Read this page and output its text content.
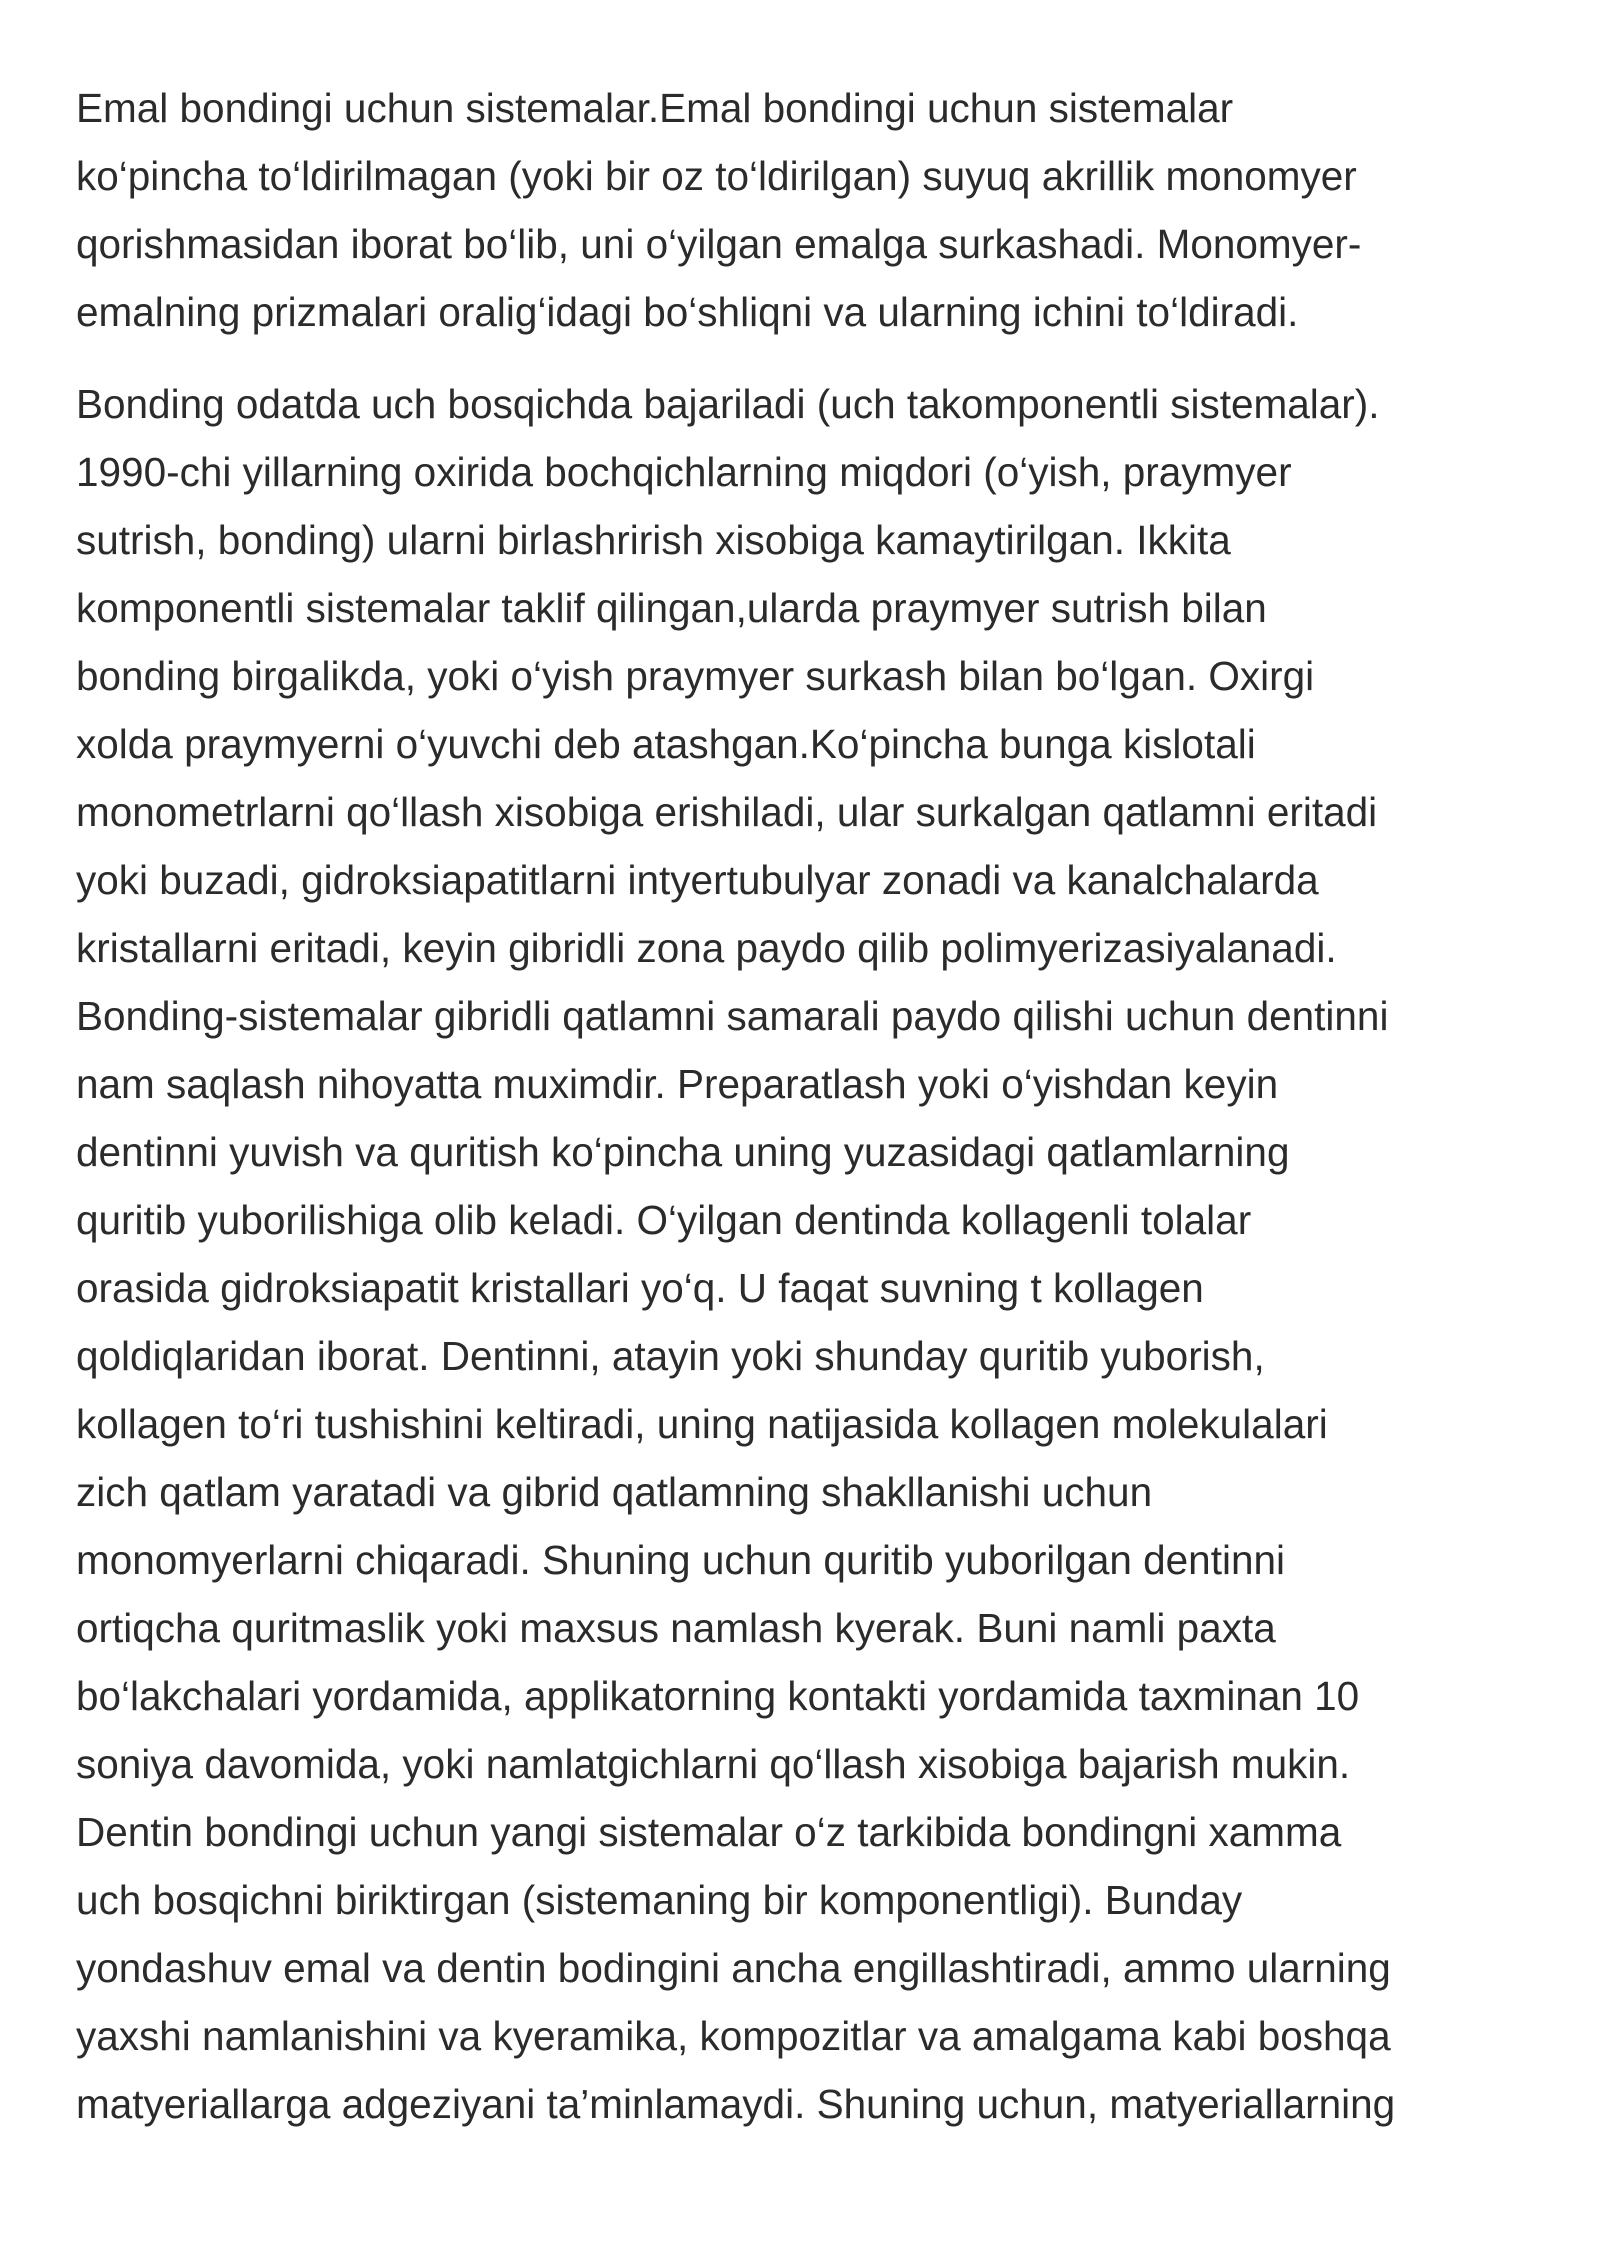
Emal bondingi uchun sistemalar.Emal bondingi uchun sistemalar
ko‘pincha to‘ldirilmagan (yoki bir oz to‘ldirilgan) suyuq akrillik monomyer
qorishmasidan iborat bo‘lib, uni o‘yilgan emalga surkashadi. Monomyer-
emalning prizmalari oralig‘idagi bo‘shliqni va ularning ichini to‘ldiradi.
Bonding odatda uch bosqichda bajariladi (uch takomponentli sistemalar).
1990-chi yillarning oxirida bochqichlarning miqdori (o‘yish, praymyer
sutrish, bonding) ularni birlashrirish xisobiga kamaytirilgan. Ikkita
komponentli sistemalar taklif qilingan,ularda praymyer sutrish bilan
bonding birgalikda, yoki o‘yish praymyer surkash bilan bo‘lgan. Oxirgi
xolda praymyerni o‘yuvchi deb atashgan.Ko‘pincha bunga kislotali
monometrlarni qo‘llash xisobiga erishiladi, ular surkalgan qatlamni eritadi
yoki buzadi, gidroksiapatitlarni intyertubulyar zonadi va kanalchalarda
kristallarni eritadi, keyin gibridli zona paydo qilib polimyerizasiyalanadi.
Bonding-sistemalar gibridli qatlamni samarali paydo qilishi uchun dentinni
nam saqlash nihoyatta muximdir. Preparatlash yoki o‘yishdan keyin
dentinni yuvish va quritish ko‘pincha uning yuzasidagi qatlamlarning
quritib yuborilishiga olib keladi. O‘yilgan dentinda kollagenli tolalar
orasida gidroksiapatit kristallari yo‘q. U faqat suvning t kollagen
qoldiqlaridan iborat. Dentinni, atayin yoki shunday quritib yuborish,
kollagen to‘ri tushishini keltiradi, uning natijasida kollagen molekulalari
zich qatlam yaratadi va gibrid qatlamning shakllanishi uchun
monomyerlarni chiqaradi. Shuning uchun quritib yuborilgan dentinni
ortiqcha quritmaslik yoki maxsus namlash kyerak. Buni namli paxta
bo‘lakchalari yordamida, applikatorning kontakti yordamida taxminan 10
soniya davomida, yoki namlatgichlarni qo‘llash xisobiga bajarish mukin.
Dentin bondingi uchun yangi sistemalar o‘z tarkibida bondingni xamma
uch bosqichni biriktirgan (sistemaning bir komponentligi). Bunday
yondashuv emal va dentin bodingini ancha engillashtiradi, ammo ularning
yaxshi namlanishini va kyeramika, kompozitlar va amalgama kabi boshqa
matyeriallarga adgeziyani ta’minlamaydi. Shuning uchun, matyeriallarning
